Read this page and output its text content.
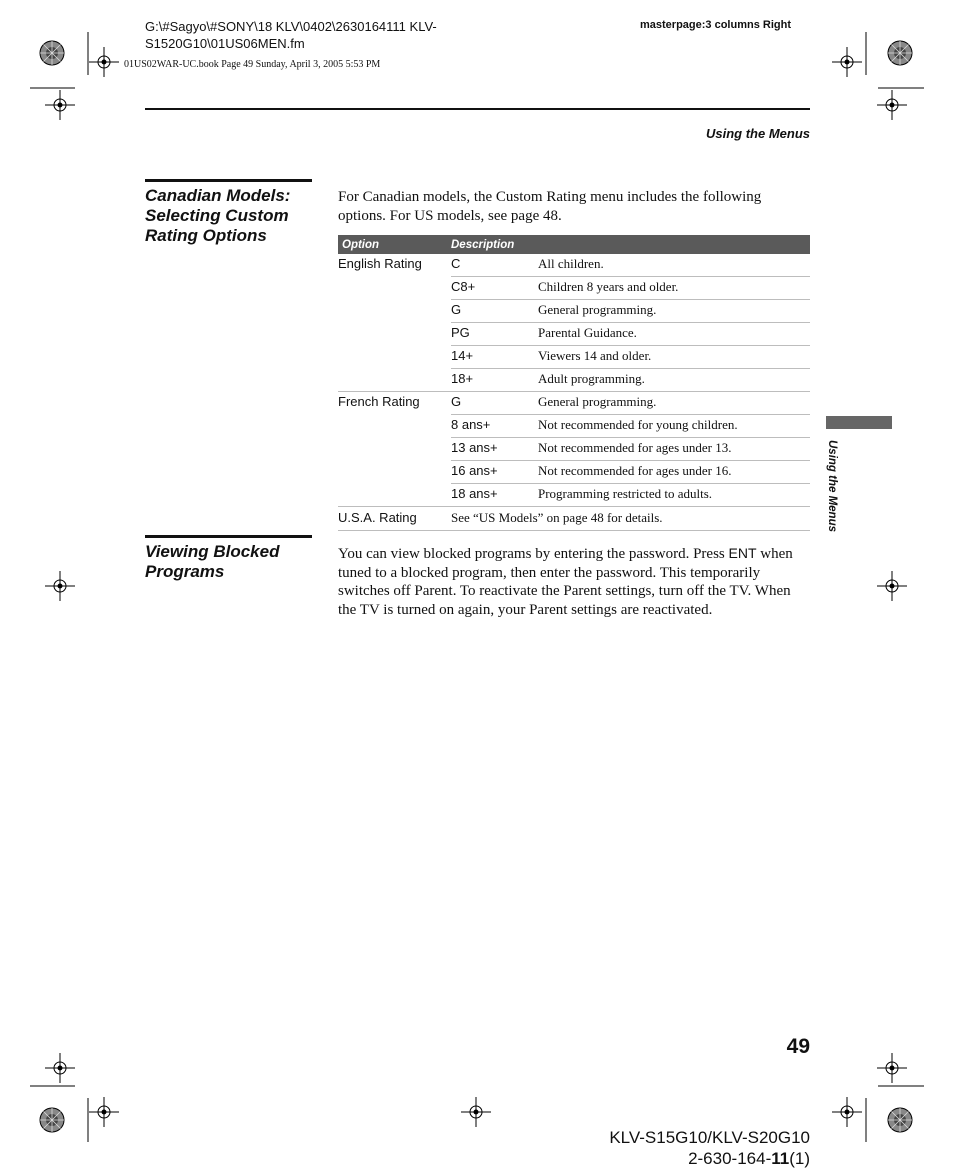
G:\#Sagyo\#SONY\18 KLV\0402\2630164111 KLV-
S1520G10\01US06MEN.fm
01US02WAR-UC.book Page 49 Sunday, April 3, 2005 5:53 PM
masterpage:3 columns Right
Using the Menus
Canadian Models: Selecting Custom Rating Options
For Canadian models, the Custom Rating menu includes the following options. For US models, see page 48.
Option	Description	
English Rating	C	All children.
	C8+	Children 8 years and older.
	G	General programming.
	PG	Parental Guidance.
	14+	Viewers 14 and older.
	18+	Adult programming.
French Rating	G	General programming.
	8 ans+	Not recommended for young children.
	13 ans+	Not recommended for ages under 13.
	16 ans+	Not recommended for ages under 16.
	18 ans+	Programming restricted to adults.
U.S.A. Rating	See “US Models” on page 48 for details.	
Viewing Blocked Programs
You can view blocked programs by entering the password. Press ENT when tuned to a blocked program, then enter the password. This temporarily switches off Parent. To reactivate the Parent settings, turn off the TV. When the TV is turned on again, your Parent settings are reactivated.
Using the Menus
49
KLV-S15G10/KLV-S20G10
2-630-164-11(1)
